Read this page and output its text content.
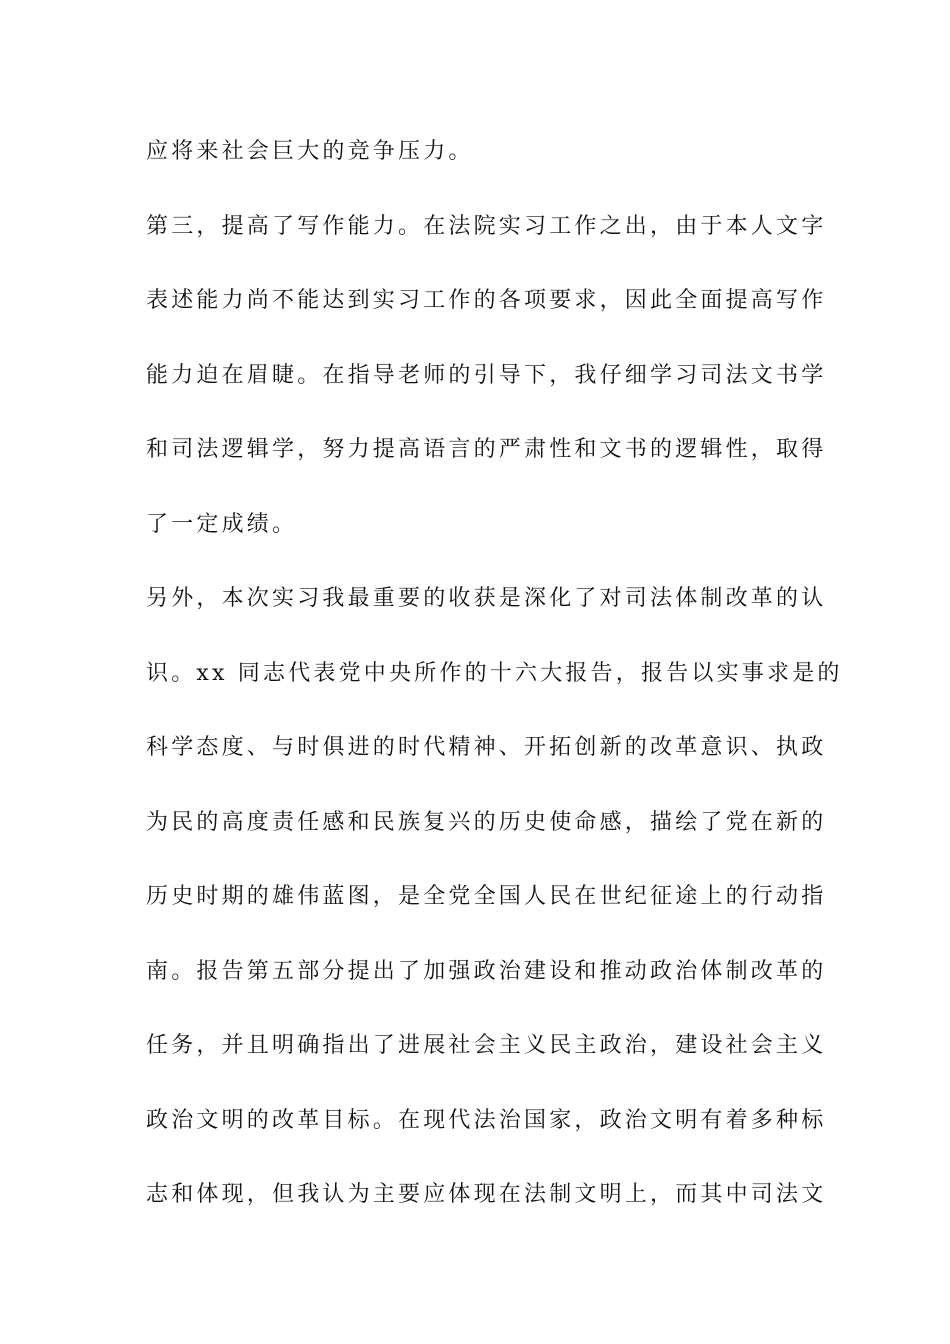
应将来社会巨大的竞争压力。
第三，提高了写作能力。在法院实习工作之出，由于本人文字
表述能力尚不能达到实习工作的各项要求，因此全面提高写作
能力迫在眉睫。在指导老师的引导下，我仔细学习司法文书学
和司法逻辑学，努力提高语言的严肃性和文书的逻辑性，取得
了一定成绩。
另外，本次实习我最重要的收获是深化了对司法体制改革的认
识。xx 同志代表党中央所作的十六大报告，报告以实事求是的
科学态度、与时俱进的时代精神、开拓创新的改革意识、执政
为民的高度责任感和民族复兴的历史使命感，描绘了党在新的
历史时期的雄伟蓝图，是全党全国人民在世纪征途上的行动指
南。报告第五部分提出了加强政治建设和推动政治体制改革的
任务，并且明确指出了进展社会主义民主政治，建设社会主义
政治文明的改革目标。在现代法治国家，政治文明有着多种标
志和体现，但我认为主要应体现在法制文明上，而其中司法文
